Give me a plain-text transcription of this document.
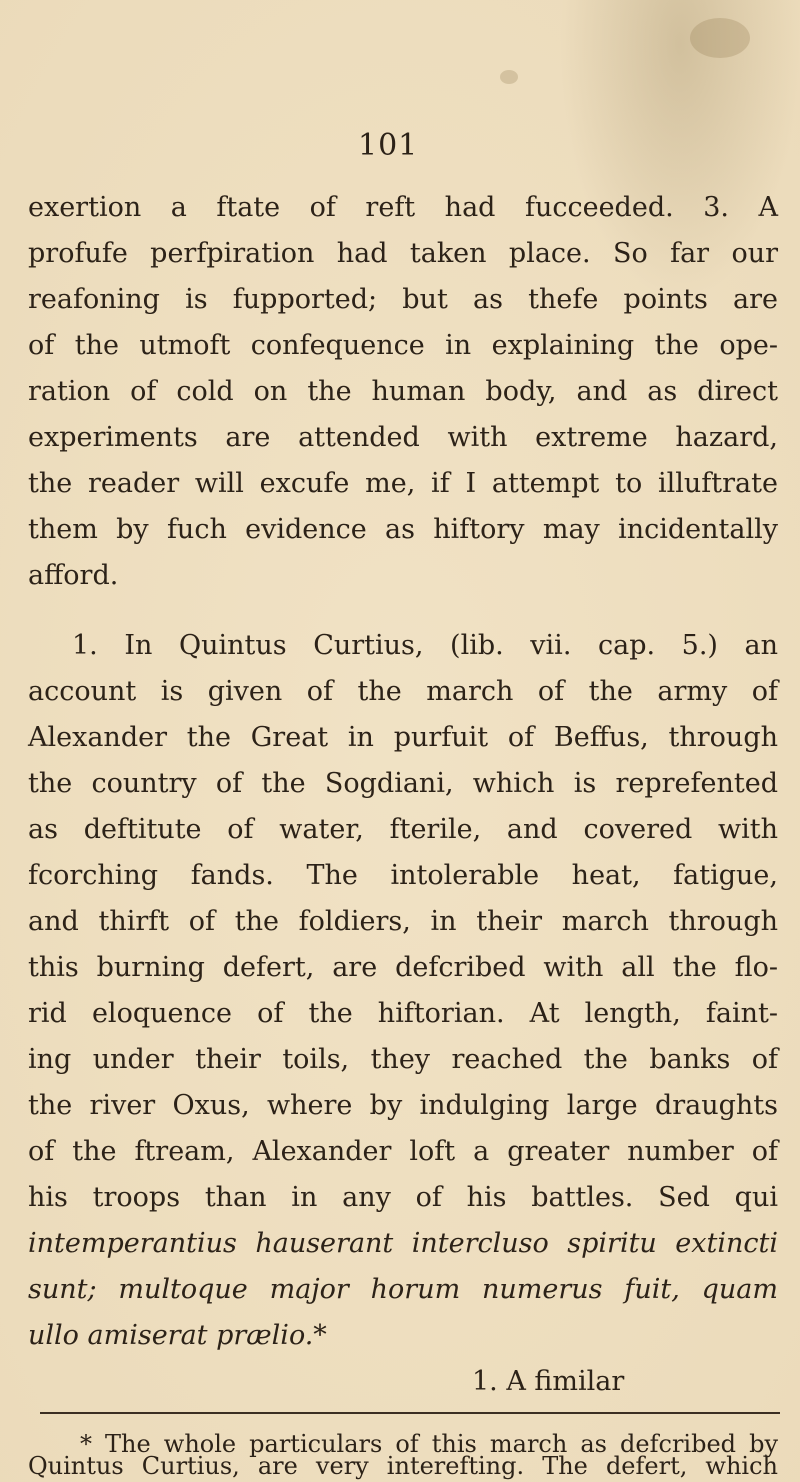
101

exertion a ftate of reft had fucceeded. 3. A

profufe perfpiration had taken place. So far our

reafoning is fupported; but as thefe points are

of the utmoft confequence in explaining the ope-

ration of cold on the human body, and as direct

experiments are attended with extreme hazard,

the reader will excufe me, if I attempt to illuftrate

them by fuch evidence as hiftory may incidentally

afford.

1. In Quintus Curtius, (lib. vii. cap. 5.) an

account is given of the march of the army of

Alexander the Great in purfuit of Beffus, through

the country of the Sogdiani, which is reprefented

as deftitute of water, fterile, and covered with

fcorching fands. The intolerable heat, fatigue,

and thirft of the foldiers, in their march through

this burning defert, are defcribed with all the flo-

rid eloquence of the hiftorian. At length, faint-

ing under their toils, they reached the banks of

the river Oxus, where by indulging large draughts

of the ftream, Alexander loft a greater number of

his troops than in any of his battles. Sed qui

intemperantius hauserant intercluso spiritu extincti

sunt; multoque major horum numerus fuit, quam

ullo amiserat prælio.*

1. A fimilar

* The whole particulars of this march as defcribed by

Quintus Curtius, are very interefting. The defert, which
